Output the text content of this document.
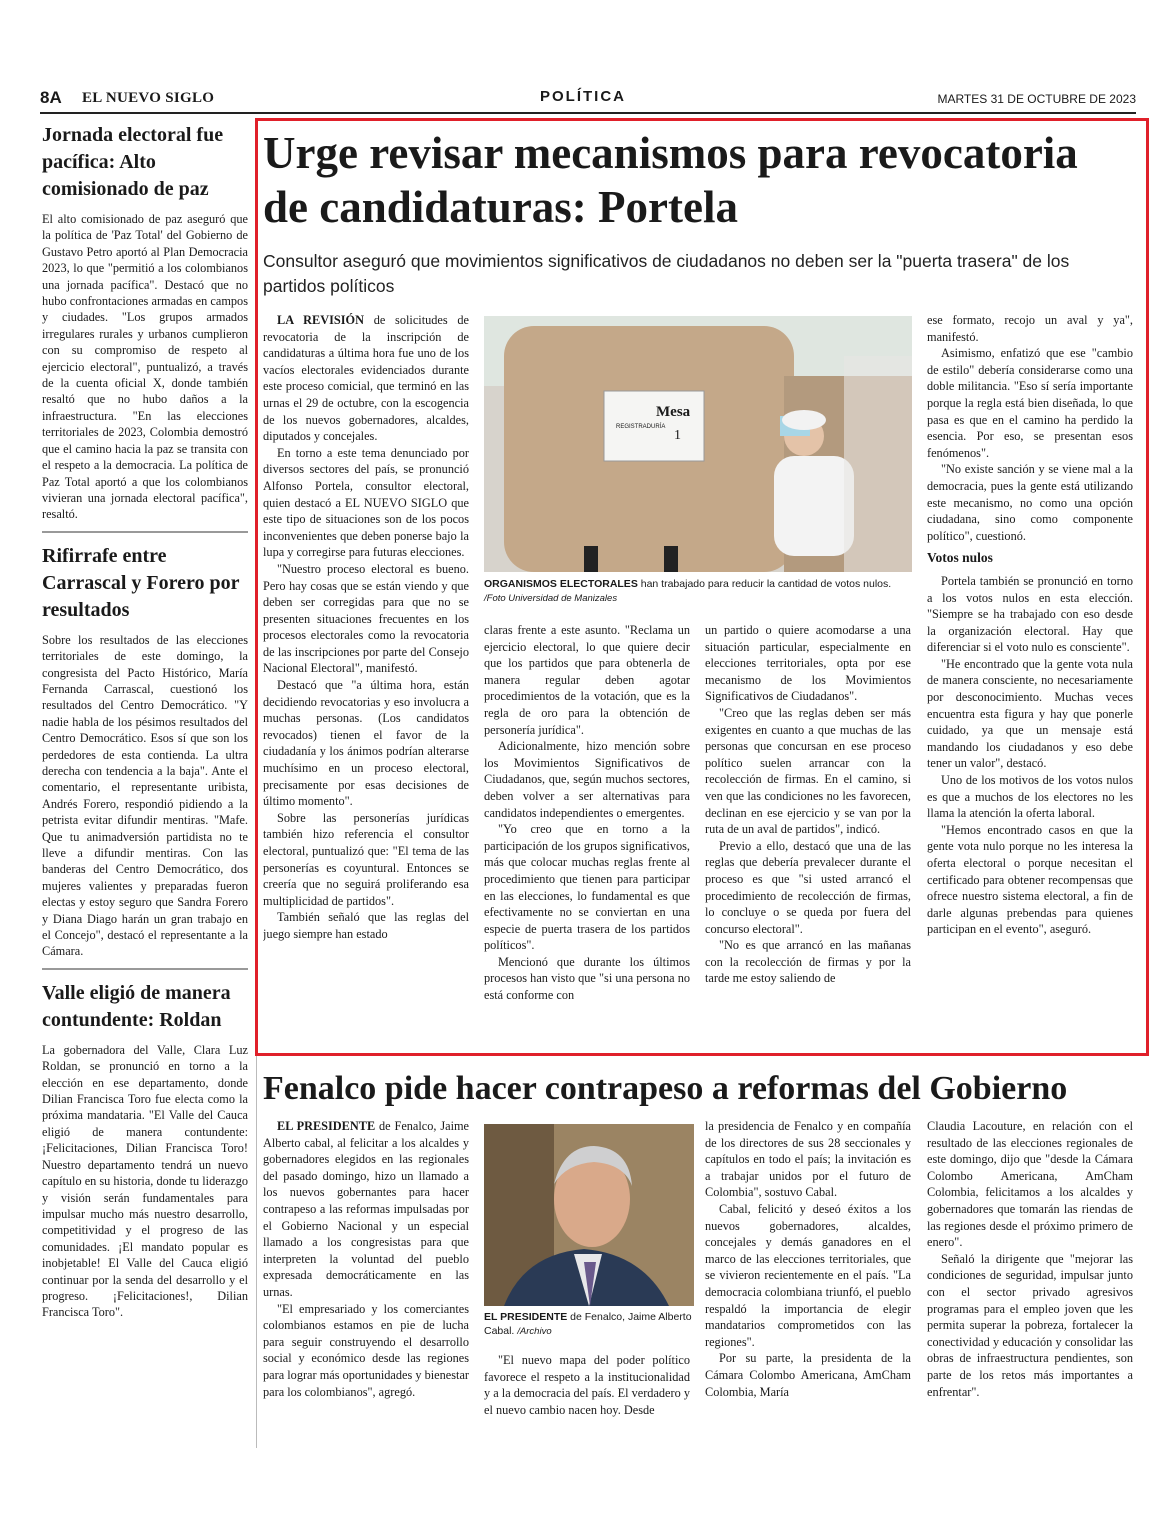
8A EL NUEVO SIGLO	POLÍTICA	MARTES 31 DE OCTUBRE DE 2023
Jornada electoral fue pacífica: Alto comisionado de paz
El alto comisionado de paz aseguró que la política de 'Paz Total' del Gobierno de Gustavo Petro aportó al Plan Democracia 2023, lo que "permitió a los colombianos una jornada pacífica". Destacó que no hubo confrontaciones armadas en campos y ciudades. "Los grupos armados irregulares rurales y urbanos cumplieron con su compromiso de respeto al ejercicio electoral", puntualizó, a través de la cuenta oficial X, donde también resaltó que no hubo daños a la infraestructura. "En las elecciones territoriales de 2023, Colombia demostró que el camino hacia la paz se transita con el respeto a la democracia. La política de Paz Total aportó a que los colombianos vivieran una jornada electoral pacífica", resaltó.
Rifirrafe entre Carrascal y Forero por resultados
Sobre los resultados de las elecciones territoriales de este domingo, la congresista del Pacto Histórico, María Fernanda Carrascal, cuestionó los resultados del Centro Democrático. "Y nadie habla de los pésimos resultados del Centro Democrático. Esos sí que son los perdedores de esta contienda. La ultra derecha con tendencia a la baja". Ante el comentario, el representante uribista, Andrés Forero, respondió pidiendo a la petrista evitar difundir mentiras. "Mafe. Que tu animadversión partidista no te lleve a difundir mentiras. Con las banderas del Centro Democrático, dos mujeres valientes y preparadas fueron electas y estoy seguro que Sandra Forero y Diana Diago harán un gran trabajo en el Concejo", destacó el representante a la Cámara.
Valle eligió de manera contundente: Roldan
La gobernadora del Valle, Clara Luz Roldan, se pronunció en torno a la elección en ese departamento, donde Dilian Francisca Toro fue electa como la próxima mandataria. "El Valle del Cauca eligió de manera contundente: ¡Felicitaciones, Dilian Francisca Toro! Nuestro departamento tendrá un nuevo capítulo en su historia, donde tu liderazgo y visión serán fundamentales para impulsar mucho más nuestro desarrollo, competitividad y el progreso de las comunidades. ¡El mandato popular es inobjetable! El Valle del Cauca eligió continuar por la senda del desarrollo y el progreso. ¡Felicitaciones!, Dilian Francisca Toro".
Urge revisar mecanismos para revocatoria de candidaturas: Portela
Consultor aseguró que movimientos significativos de ciudadanos no deben ser la "puerta trasera" de los partidos políticos
REGISTRADURÍA
Mesa
1
ORGANISMOS ELECTORALES han trabajado para reducir la cantidad de votos nulos. /Foto Universidad de Manizales

LA REVISIÓN de solicitudes de revocatoria de la inscripción de candidaturas a última hora fue uno de los vacíos electorales evidenciados durante este proceso comicial, que terminó en las urnas el 29 de octubre, con la escogencia de los nuevos gobernadores, alcaldes, diputados y concejales.

En torno a este tema denunciado por diversos sectores del país, se pronunció Alfonso Portela, consultor electoral, quien destacó a EL NUEVO SIGLO que este tipo de situaciones son de los pocos inconvenientes que deben ponerse bajo la lupa y corregirse para futuras elecciones.

"Nuestro proceso electoral es bueno. Pero hay cosas que se están viendo y que deben ser corregidas para que no se presenten situaciones frecuentes en los procesos electorales como la revocatoria de las inscripciones por parte del Consejo Nacional Electoral", manifestó.

Destacó que "a última hora, están decidiendo revocatorias y eso involucra a muchas personas. (Los candidatos revocados) tienen el favor de la ciudadanía y los ánimos podrían alterarse muchísimo en un proceso electoral, precisamente por esas decisiones de último momento".

Sobre las personerías jurídicas también hizo referencia el consultor electoral, puntualizó que: "El tema de las personerías es coyuntural. Entonces se creería que no seguirá proliferando esa multiplicidad de partidos".

También señaló que las reglas del juego siempre han estado

claras frente a este asunto. "Reclama un ejercicio electoral, lo que quiere decir que los partidos que para obtenerla de manera regular deben agotar procedimientos de la votación, que es la regla de oro para la obtención de personería jurídica".

Adicionalmente, hizo mención sobre los Movimientos Significativos de Ciudadanos, que, según muchos sectores, deben volver a ser alternativas para candidatos independientes o emergentes.

"Yo creo que en torno a la participación de los grupos significativos, más que colocar muchas reglas frente al procedimiento que tienen para participar en las elecciones, lo fundamental es que efectivamente no se conviertan en una especie de puerta trasera de los partidos políticos".

Mencionó que durante los últimos procesos han visto que "si una persona no está conforme con

un partido o quiere acomodarse a una situación particular, especialmente en elecciones territoriales, opta por ese mecanismo de los Movimientos Significativos de Ciudadanos".

"Creo que las reglas deben ser más exigentes en cuanto a que muchas de las personas que concursan en ese proceso político suelen arrancar con la recolección de firmas. En el camino, si ven que las condiciones no les favorecen, declinan en ese ejercicio y se van por la ruta de un aval de partidos", indicó.

Previo a ello, destacó que una de las reglas que debería prevalecer durante el proceso es que "si usted arrancó el procedimiento de recolección de firmas, lo concluye o se queda por fuera del concurso electoral".

"No es que arrancó en las mañanas con la recolección de firmas y por la tarde me estoy saliendo de

ese formato, recojo un aval y ya", manifestó.

Asimismo, enfatizó que ese "cambio de estilo" debería considerarse como una doble militancia. "Eso sí sería importante porque la regla está bien diseñada, lo que pasa es que en el camino ha perdido la esencia. Por eso, se presentan esos fenómenos".

"No existe sanción y se viene mal a la democracia, pues la gente está utilizando este mecanismo, no como una opción ciudadana, sino como componente político", cuestionó.

Votos nulos

Portela también se pronunció en torno a los votos nulos en esta elección. "Siempre se ha trabajado con eso desde la organización electoral. Hay que diferenciar si el voto nulo es consciente".

"He encontrado que la gente vota nula de manera consciente, no necesariamente por desconocimiento. Muchas veces encuentra esta figura y hay que ponerle cuidado, ya que un mensaje está mandando los ciudadanos y eso debe tener un valor", destacó.

Uno de los motivos de los votos nulos es que a muchos de los electores no les llama la atención la oferta laboral.

"Hemos encontrado casos en que la gente vota nulo porque no les interesa la oferta electoral o porque necesitan el certificado para obtener recompensas que ofrece nuestro sistema electoral, a fin de darle algunas prebendas para quienes participan en el evento", aseguró.

Fenalco pide hacer contrapeso a reformas del Gobierno
EL PRESIDENTE de Fenalco, Jaime Alberto Cabal. /Archivo

EL PRESIDENTE de Fenalco, Jaime Alberto cabal, al felicitar a los alcaldes y gobernadores elegidos en las regionales del pasado domingo, hizo un llamado a los nuevos gobernantes para hacer contrapeso a las reformas impulsadas por el Gobierno Nacional y un especial llamado a los congresistas para que interpreten la voluntad del pueblo expresada democráticamente en las urnas.

"El empresariado y los comerciantes colombianos estamos en pie de lucha para seguir construyendo el desarrollo social y económico desde las regiones para lograr más oportunidades y bienestar para los colombianos", agregó.

"El nuevo mapa del poder político favorece el respeto a la institucionalidad y a la democracia del país. El verdadero y el nuevo cambio nacen hoy. Desde

la presidencia de Fenalco y en compañía de los directores de sus 28 seccionales y capítulos en todo el país; la invitación es a trabajar unidos por el futuro de Colombia", sostuvo Cabal.

Cabal, felicitó y deseó éxitos a los nuevos gobernadores, alcaldes, concejales y demás ganadores en el marco de las elecciones territoriales, que se vivieron recientemente en el país. "La democracia colombiana triunfó, el pueblo respaldó la importancia de elegir mandatarios comprometidos con las regiones".

Por su parte, la presidenta de la Cámara Colombo Americana, AmCham Colombia, María

Claudia Lacouture, en relación con el resultado de las elecciones regionales de este domingo, dijo que "desde la Cámara Colombo Americana, AmCham Colombia, felicitamos a los alcaldes y gobernadores que tomarán las riendas de las regiones desde el próximo primero de enero".

Señaló la dirigente que "mejorar las condiciones de seguridad, impulsar junto con el sector privado agresivos programas para el empleo joven que les permita superar la pobreza, fortalecer la conectividad y educación y consolidar las obras de infraestructura pendientes, son parte de los retos más importantes a enfrentar".
